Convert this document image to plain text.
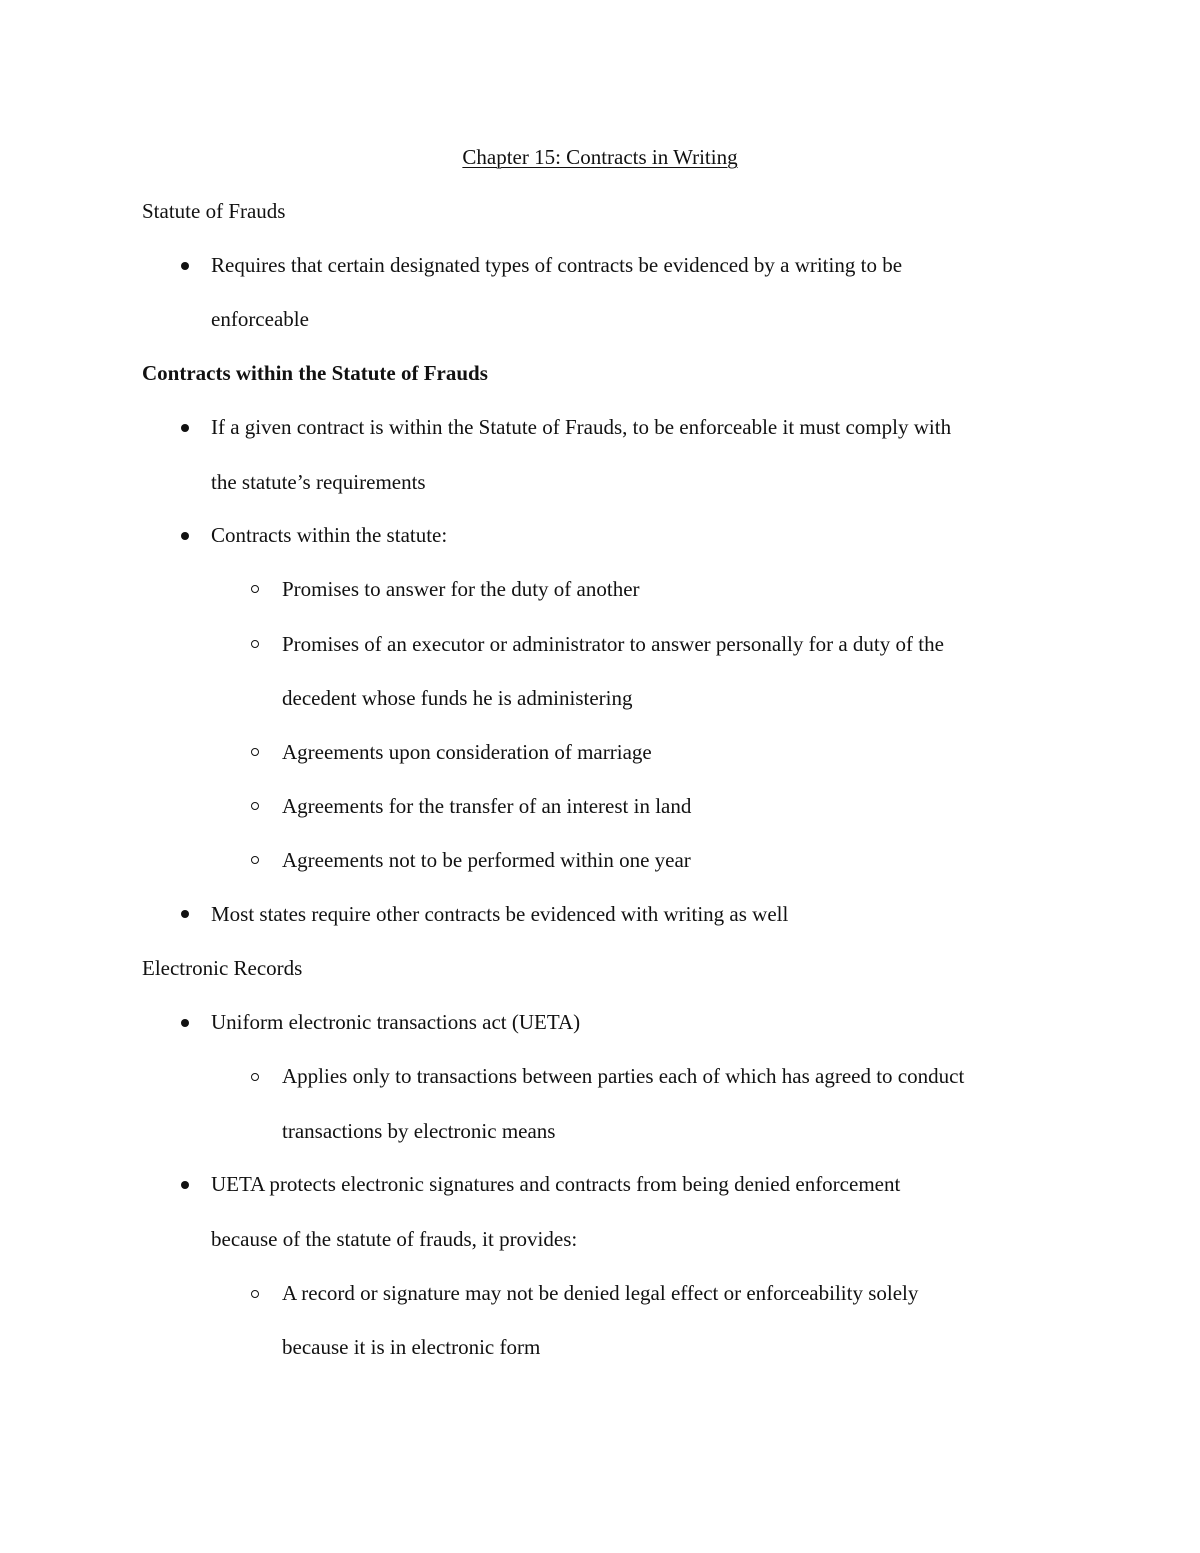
Chapter 15: Contracts in Writing
Statute of Frauds
Requires that certain designated types of contracts be evidenced by a writing to be
enforceable
Contracts within the Statute of Frauds
If a given contract is within the Statute of Frauds, to be enforceable it must comply with
the statute’s requirements
Contracts within the statute:
Promises to answer for the duty of another
Promises of an executor or administrator to answer personally for a duty of the
decedent whose funds he is administering
Agreements upon consideration of marriage
Agreements for the transfer of an interest in land
Agreements not to be performed within one year
Most states require other contracts be evidenced with writing as well
Electronic Records
Uniform electronic transactions act (UETA)
Applies only to transactions between parties each of which has agreed to conduct
transactions by electronic means
UETA protects electronic signatures and contracts from being denied enforcement
because of the statute of frauds, it provides:
A record or signature may not be denied legal effect or enforceability solely
because it is in electronic form
